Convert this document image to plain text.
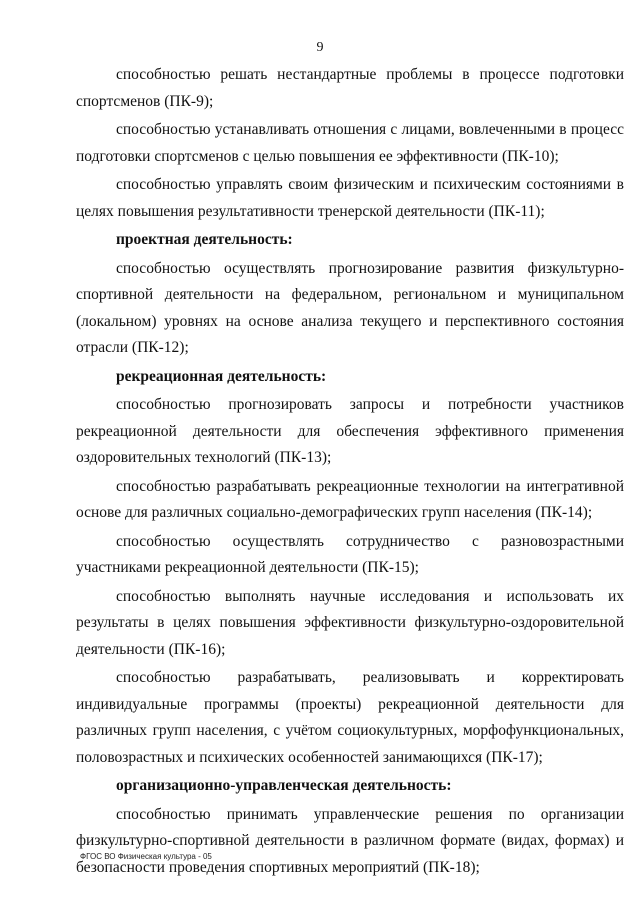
9

способностью решать нестандартные проблемы в процессе подготовки спортсменов (ПК-9);

способностью устанавливать отношения с лицами, вовлеченными в процесс подготовки спортсменов с целью повышения ее эффективности (ПК-10);

способностью управлять своим физическим и психическим состояниями в целях повышения результативности тренерской деятельности (ПК-11);

проектная деятельность:

способностью осуществлять прогнозирование развития физкультурно-спортивной деятельности на федеральном, региональном и муниципальном (локальном) уровнях на основе анализа текущего и перспективного состояния отрасли (ПК-12);

рекреационная деятельность:

способностью прогнозировать запросы и потребности участников рекреационной деятельности для обеспечения эффективного применения оздоровительных технологий (ПК-13);

способностью разрабатывать рекреационные технологии на интегративной основе для различных социально-демографических групп населения (ПК-14);

способностью осуществлять сотрудничество с разновозрастными участниками рекреационной деятельности (ПК-15);

способностью выполнять научные исследования и использовать их результаты в целях повышения эффективности физкультурно-оздоровительной деятельности (ПК-16);

способностью разрабатывать, реализовывать и корректировать индивидуальные программы (проекты) рекреационной деятельности для различных групп населения, с учётом социокультурных, морфофункциональных, половозрастных и психических особенностей занимающихся (ПК-17);

организационно-управленческая деятельность:

способностью принимать управленческие решения по организации физкультурно-спортивной деятельности в различном формате (видах, формах) и безопасности проведения спортивных мероприятий (ПК-18);

ФГОС ВО Физическая культура - 05
